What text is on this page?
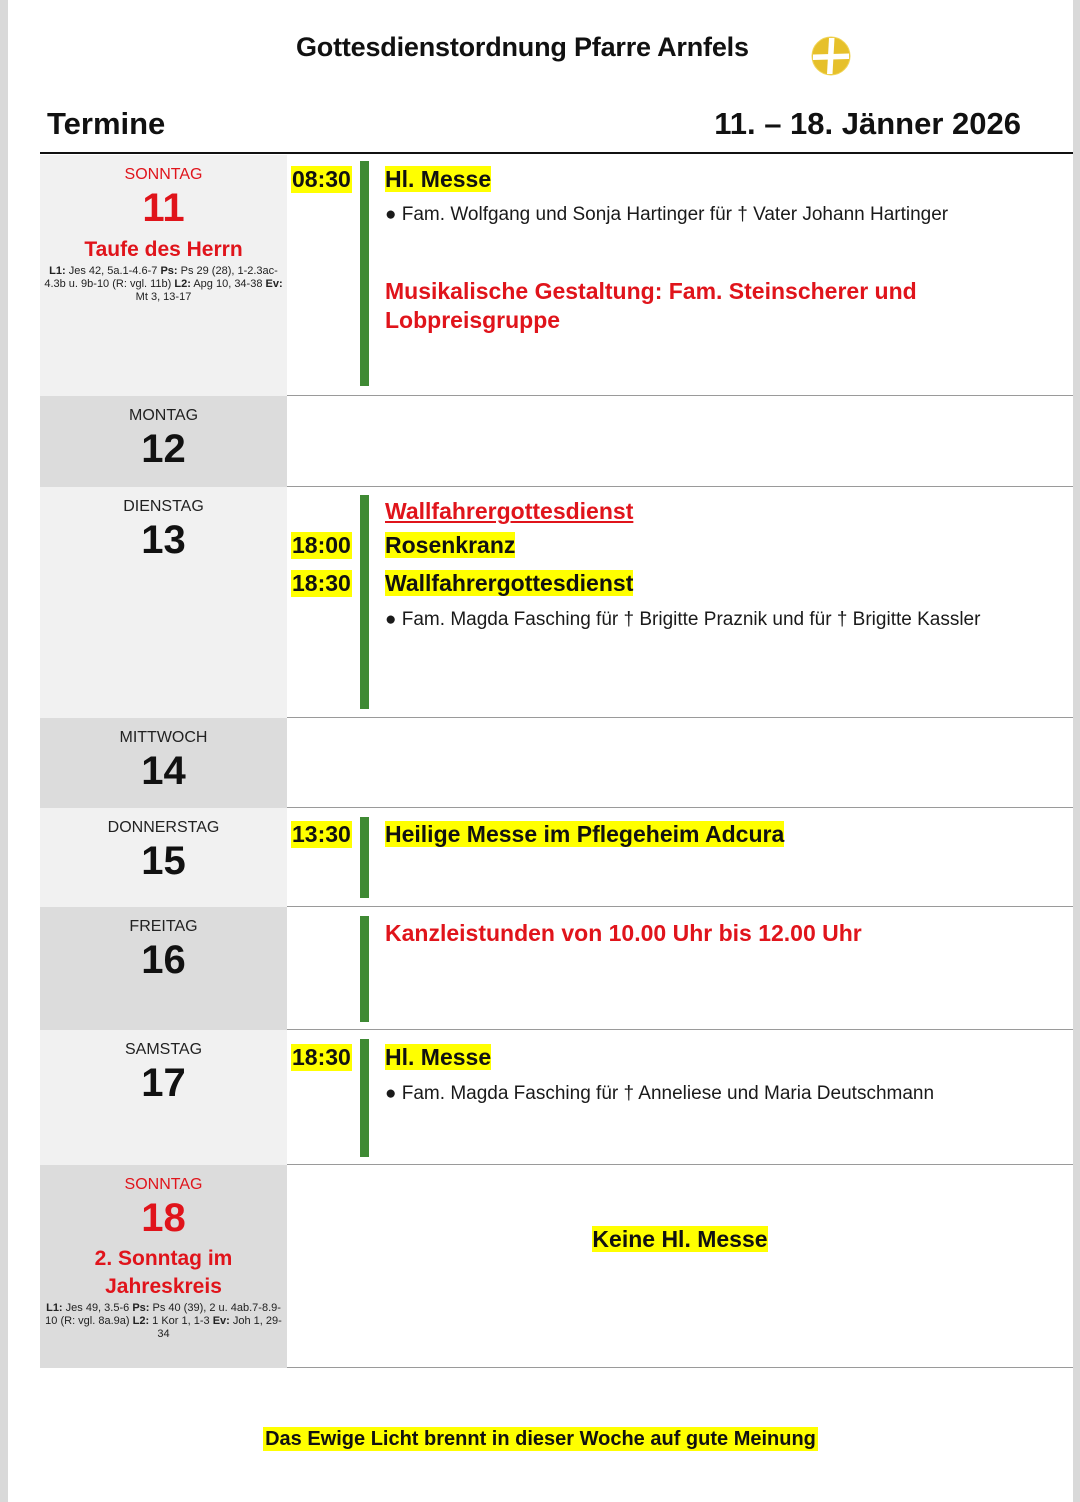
Gottesdienstordnung Pfarre Arnfels
Termine	11. – 18. Jänner 2026
SONNTAG
11
Taufe des Herrn
L1: Jes 42, 5a.1-4.6-7 Ps: Ps 29 (28), 1-2.3ac-4.3b u. 9b-10 (R: vgl. 11b) L2: Apg 10, 34-38 Ev: Mt 3, 13-17
08:30 Hl. Messe
● Fam. Wolfgang und Sonja Hartinger für † Vater Johann Hartinger
Musikalische Gestaltung: Fam. Steinscherer und Lobpreisgruppe
MONTAG
12
DIENSTAG
13
Wallfahrergottesdienst
18:00 Rosenkranz
18:30 Wallfahrergottesdienst
● Fam. Magda Fasching für † Brigitte Praznik und für † Brigitte Kassler
MITTWOCH
14
DONNERSTAG
15
13:30 Heilige Messe im Pflegeheim Adcura
FREITAG
16
Kanzleistunden von 10.00 Uhr bis 12.00 Uhr
SAMSTAG
17
18:30 Hl. Messe
● Fam. Magda Fasching für † Anneliese und Maria Deutschmann
SONNTAG
18
2. Sonntag im Jahreskreis
L1: Jes 49, 3.5-6 Ps: Ps 40 (39), 2 u. 4ab.7-8.9-10 (R: vgl. 8a.9a) L2: 1 Kor 1, 1-3 Ev: Joh 1, 29-34
Keine Hl. Messe
Das Ewige Licht brennt in dieser Woche auf gute Meinung
